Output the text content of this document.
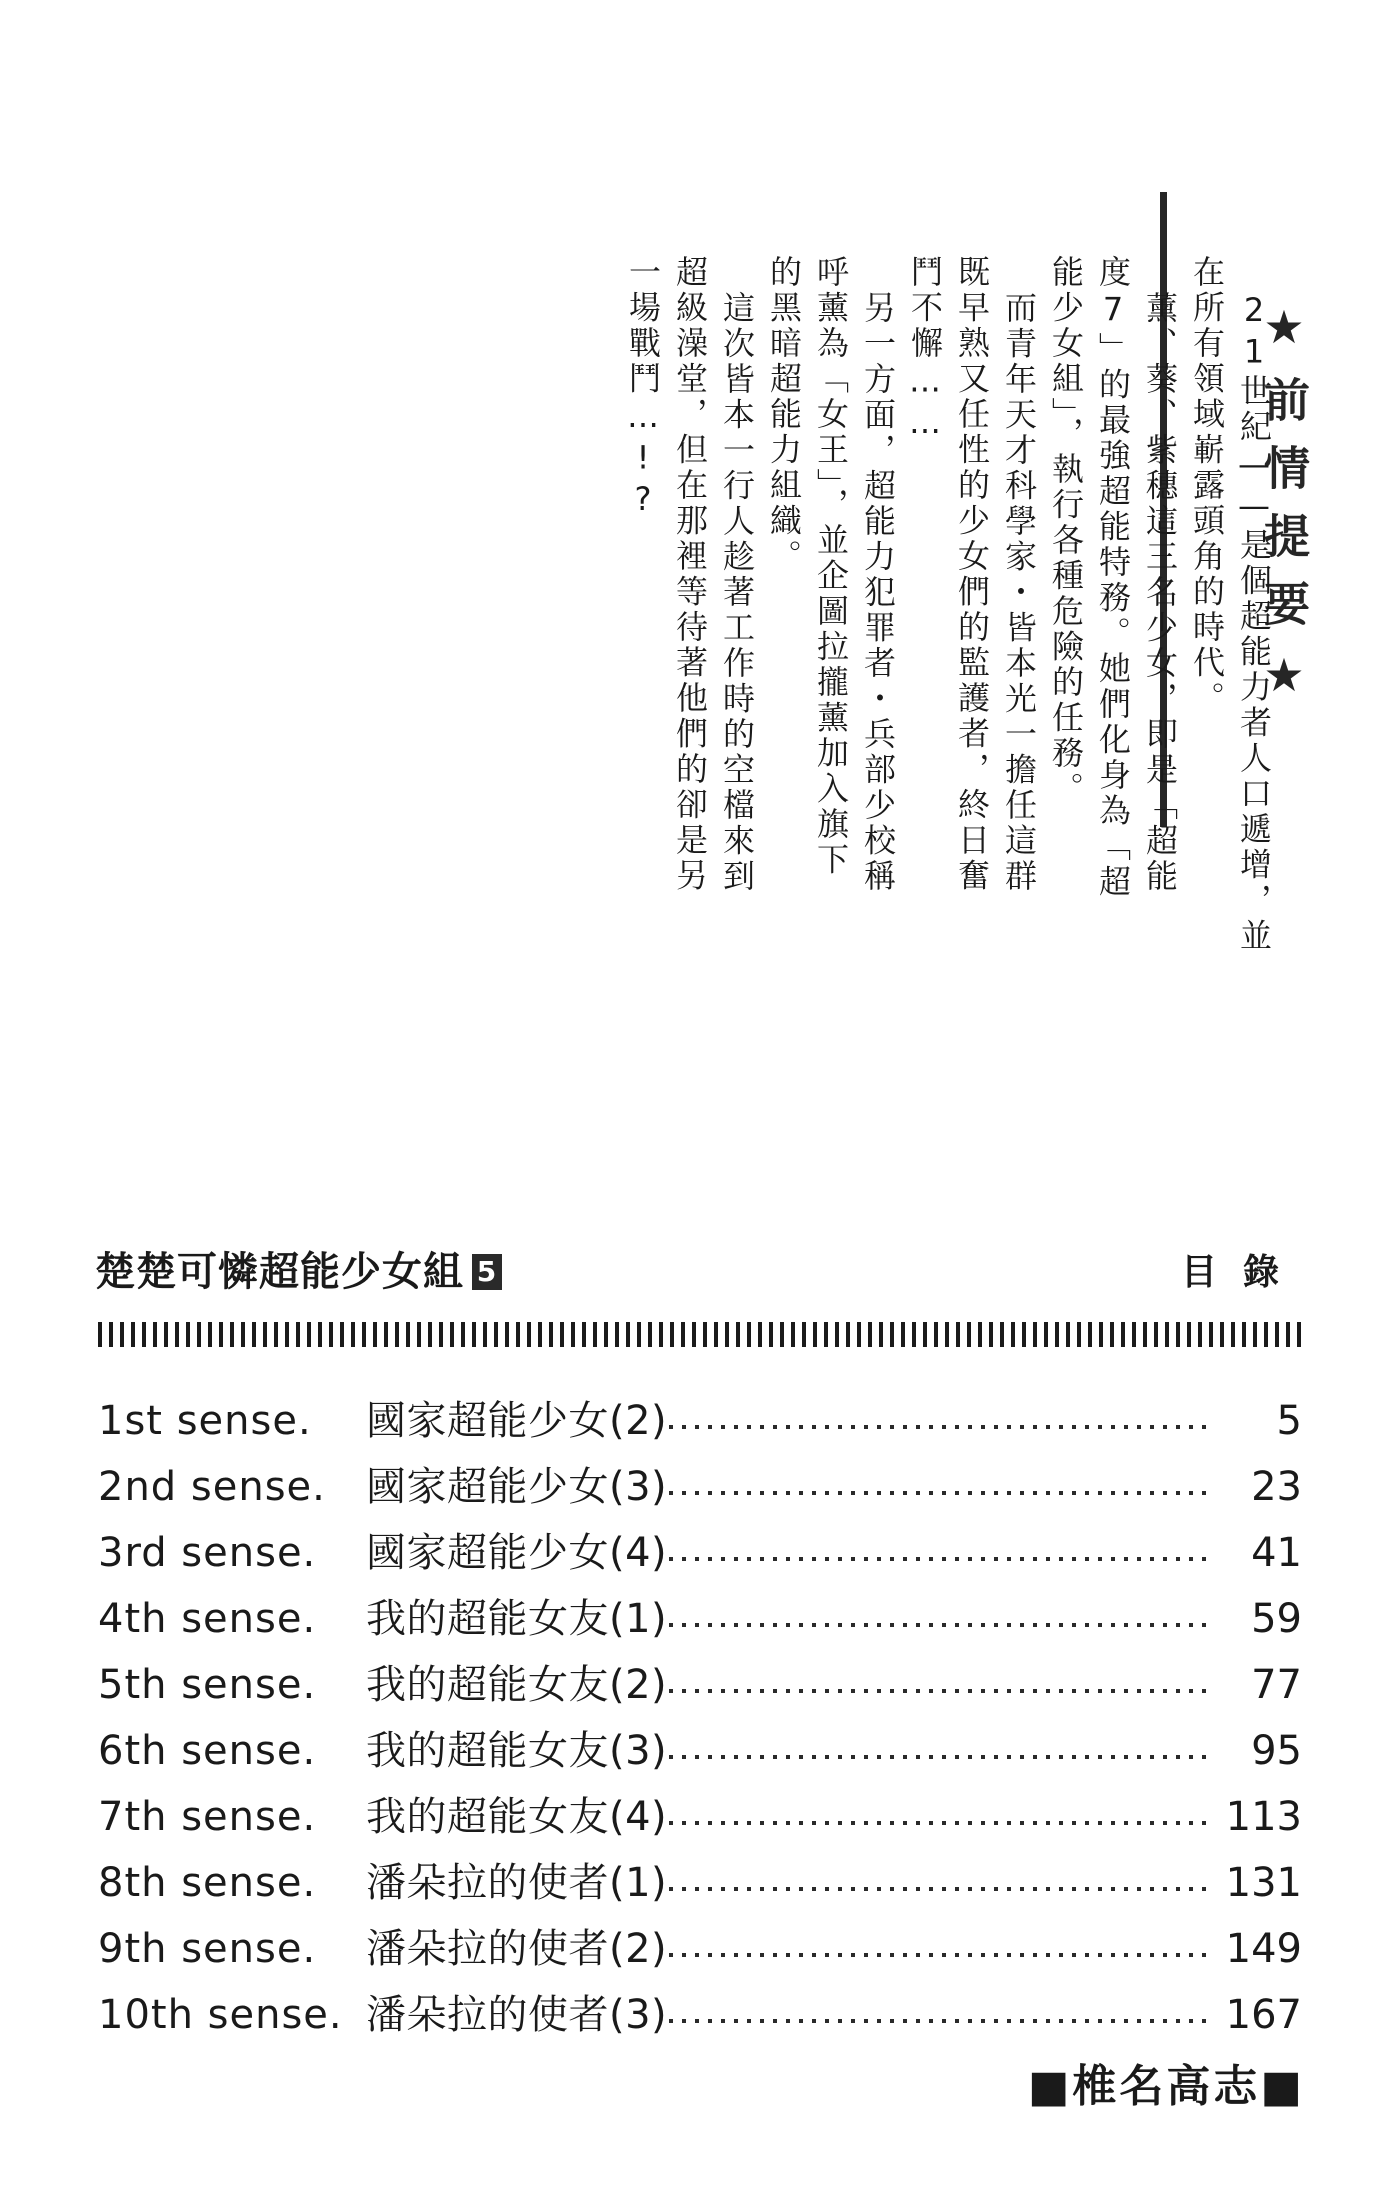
★前情提要★
21世紀——是個超能力者人口遞增，並
在所有領域嶄露頭角的時代。
薰、葵、紫穗這三名少女，即是「超能
度7」的最強超能特務。她們化身為「超
能少女組」，執行各種危險的任務。
而青年天才科學家・皆本光一擔任這群
既早熟又任性的少女們的監護者，終日奮
鬥不懈……
另一方面，超能力犯罪者・兵部少校稱
呼薰為「女王」，並企圖拉攏薰加入旗下
的黑暗超能力組織。
這次皆本一行人趁著工作時的空檔來到
超級澡堂，但在那裡等待著他們的卻是另
一場戰鬥…!?
楚楚可憐超能少女組 5	目錄
1st sense.	國家超能少女(2)	5
2nd sense.	國家超能少女(3)	23
3rd sense.	國家超能少女(4)	41
4th sense.	我的超能女友(1)	59
5th sense.	我的超能女友(2)	77
6th sense.	我的超能女友(3)	95
7th sense.	我的超能女友(4)	113
8th sense.	潘朵拉的使者(1)	131
9th sense.	潘朵拉的使者(2)	149
10th sense. 潘朵拉的使者(3)	167
■椎名高志■
